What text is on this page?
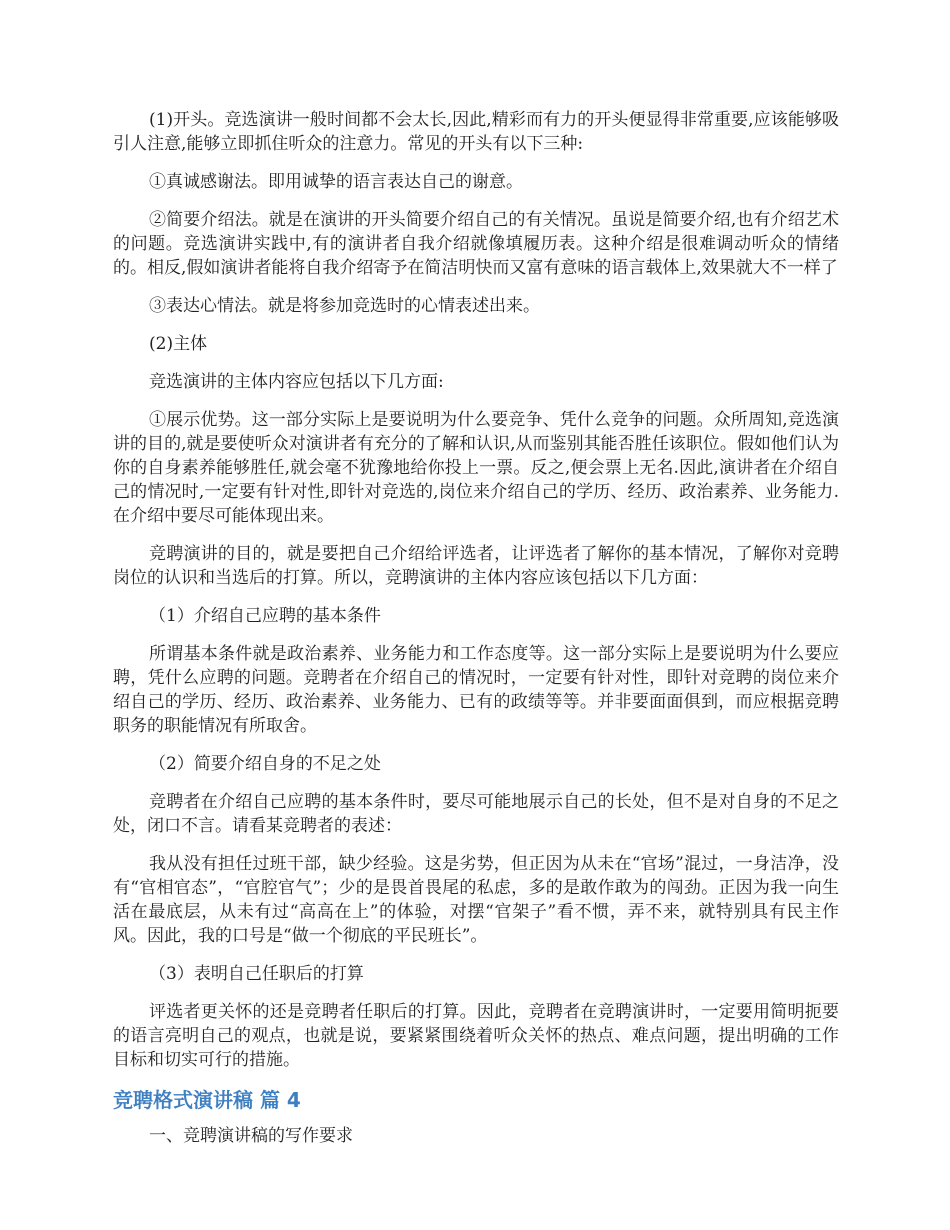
(1)开头。竞选演讲一般时间都不会太长,因此,精彩而有力的开头便显得非常重要,应该能够吸引人注意,能够立即抓住听众的注意力。常见的开头有以下三种:

①真诚感谢法。即用诚挚的语言表达自己的谢意。

②简要介绍法。就是在演讲的开头简要介绍自己的有关情况。虽说是简要介绍,也有介绍艺术的问题。竞选演讲实践中,有的演讲者自我介绍就像填履历表。这种介绍是很难调动听众的情绪的。相反,假如演讲者能将自我介绍寄予在简洁明快而又富有意味的语言载体上,效果就大不一样了

③表达心情法。就是将参加竞选时的心情表述出来。

(2)主体

竞选演讲的主体内容应包括以下几方面:

①展示优势。这一部分实际上是要说明为什么要竞争、凭什么竞争的问题。众所周知,竞选演讲的目的,就是要使听众对演讲者有充分的了解和认识,从而鉴别其能否胜任该职位。假如他们认为你的自身素养能够胜任,就会毫不犹豫地给你投上一票。反之,便会票上无名.因此,演讲者在介绍自己的情况时,一定要有针对性,即针对竞选的,岗位来介绍自己的学历、经历、政治素养、业务能力.在介绍中要尽可能体现出来。

竞聘演讲的目的，就是要把自己介绍给评选者，让评选者了解你的基本情况，了解你对竞聘岗位的认识和当选后的打算。所以，竞聘演讲的主体内容应该包括以下几方面：

（1）介绍自己应聘的基本条件

所谓基本条件就是政治素养、业务能力和工作态度等。这一部分实际上是要说明为什么要应聘，凭什么应聘的问题。竞聘者在介绍自己的情况时，一定要有针对性，即针对竞聘的岗位来介绍自己的学历、经历、政治素养、业务能力、已有的政绩等等。并非要面面俱到，而应根据竞聘职务的职能情况有所取舍。

（2）简要介绍自身的不足之处

竞聘者在介绍自己应聘的基本条件时，要尽可能地展示自己的长处，但不是对自身的不足之处，闭口不言。请看某竞聘者的表述：

我从没有担任过班干部，缺少经验。这是劣势，但正因为从未在“官场”混过，一身洁净，没有“官相官态”，“官腔官气”；少的是畏首畏尾的私虑，多的是敢作敢为的闯劲。正因为我一向生活在最底层，从未有过“高高在上”的体验，对摆“官架子”看不惯，弄不来，就特别具有民主作风。因此，我的口号是“做一个彻底的平民班长”。

（3）表明自己任职后的打算

评选者更关怀的还是竞聘者任职后的打算。因此，竞聘者在竞聘演讲时，一定要用简明扼要的语言亮明自己的观点，也就是说，要紧紧围绕着听众关怀的热点、难点问题，提出明确的工作目标和切实可行的措施。

竞聘格式演讲稿 篇 4

一、竞聘演讲稿的写作要求
